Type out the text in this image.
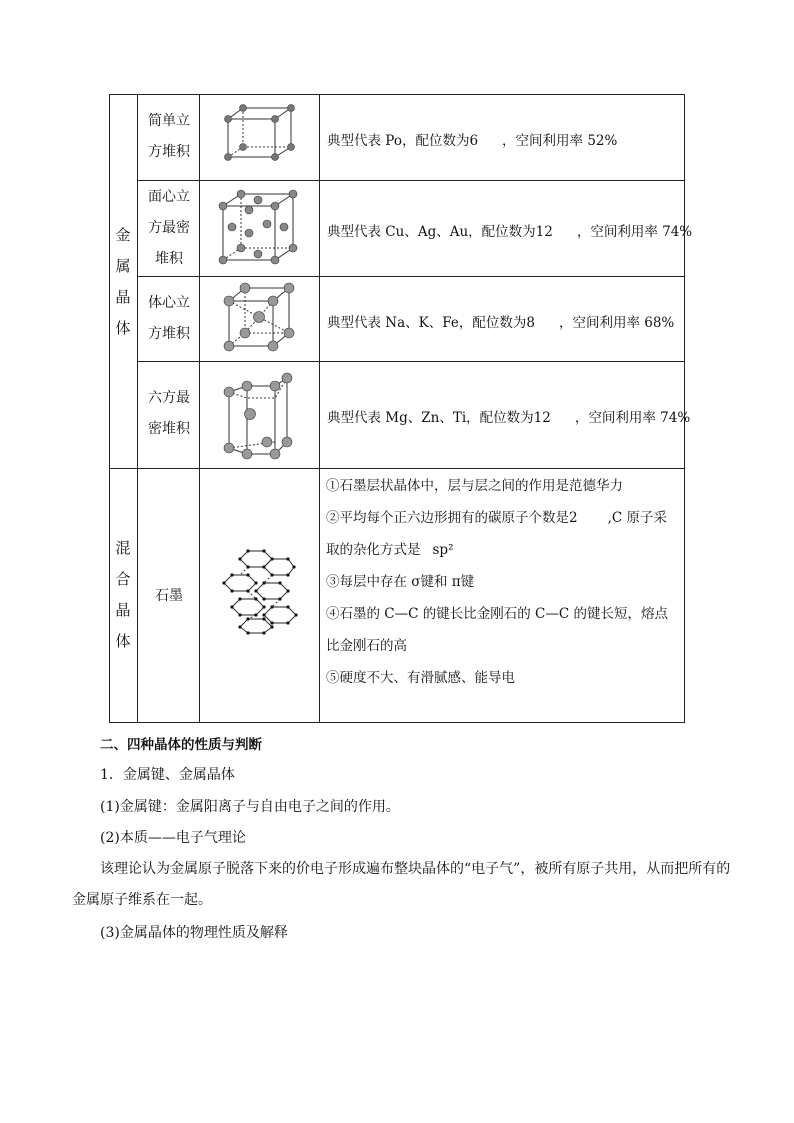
金
属
晶
体
混
合
晶
体
简单立
方堆积
典型代表 Po，配位数为6 ，空间利用率 52%
面心立
方最密
堆积
典型代表 Cu、Ag、Au，配位数为12 ，空间利用率 74%
体心立
方堆积
典型代表 Na、K、Fe，配位数为8 ，空间利用率 68%
六方最
密堆积
典型代表 Mg、Zn、Ti，配位数为12 ，空间利用率 74%
石墨
①石墨层状晶体中，层与层之间的作用是范德华力
②平均每个正六边形拥有的碳原子个数是2 ,C 原子采
取的杂化方式是 sp²
③每层中存在 σ键和 π键
④石墨的 C—C 的键长比金刚石的 C—C 的键长短，熔点
比金刚石的高
⑤硬度不大、有滑腻感、能导电
二、四种晶体的性质与判断
1．金属键、金属晶体
(1)金属键：金属阳离子与自由电子之间的作用。
(2)本质——电子气理论
该理论认为金属原子脱落下来的价电子形成遍布整块晶体的“电子气”，被所有原子共用，从而把所有的
金属原子维系在一起。
(3)金属晶体的物理性质及解释
